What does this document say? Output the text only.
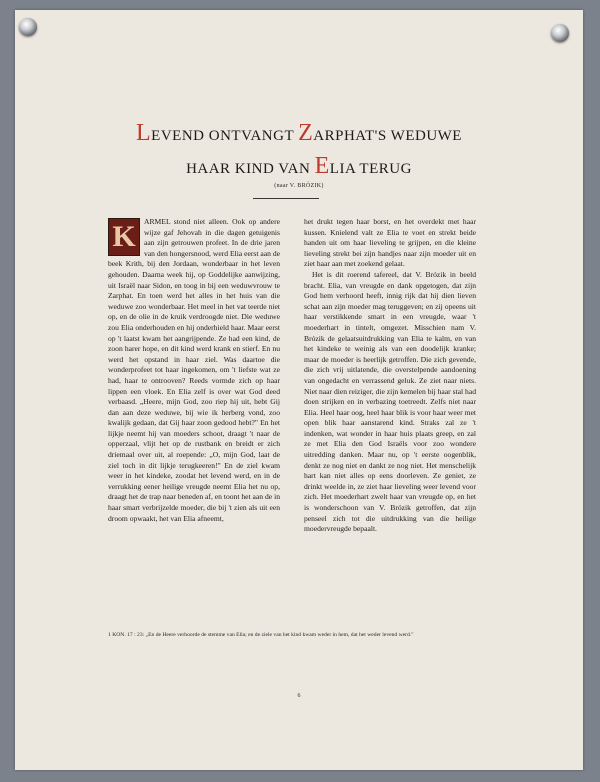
LEVEND ONTVANGT ZARPHAT'S WEDUWE
HAAR KIND VAN ELIA TERUG
(naar V. BRÓZIK)
K	ARMEL stond niet alleen. Ook op andere wijze gaf Jehovah in die dagen getuigenis aan zijn getrouwen profeet. In de drie jaren van den hongersnood, werd Elia eerst aan de beek Krith, bij den Jordaan, wonderbaar in het leven gehouden. Daarna week hij, op Goddelijke aanwijzing, uit Israël naar Sidon, en toog in bij een weduwvrouw te Zarphat. En toen werd het alles in het huis van die weduwe zoo wonderbaar. Het meel in het vat teerde niet op, en de olie in de kruik verdroogde niet. Die weduwe zou Elia onderhouden en hij onderhield haar. Maar eerst op 't laatst kwam het aangrijpende. Ze had een kind, de zoon harer hope, en dit kind werd krank en stierf. En nu werd het opstand in haar ziel. Was daartoe die wonderprofeet tot haar ingekomen, om 't liefste wat ze had, haar te ontrooven? Reeds vormde zich op haar lippen een vloek. En Elia zelf is over wat God deed verbaasd. „Heere, mijn God, zoo riep hij uit, hebt Gij dan aan deze weduwe, bij wie ik herberg vond, zoo kwalijk gedaan, dat Gij haar zoon gedood hebt?" En het lijkje neemt hij van moeders schoot, draagt 't naar de opperzaal, vlijt het op de rustbank en breidt er zich driemaal over uit, al roepende: „O, mijn God, laat de ziel toch in dit lijkje terugkeeren!" En de ziel kwam weer in het kindeke, zoodat het levend werd, en in de verrukking eener heilige vreugde neemt Elia het nu op, draagt het de trap naar beneden af, en toont het aan de in haar smart verbrijzelde moeder, die bij 't zien als uit een droom opwaakt, het van Elia afneemt,

het drukt tegen haar borst, en het overdekt met haar kussen. Knielend valt ze Elia te voet en strekt beide handen uit om haar lieveling te grijpen, en die kleine lieveling strekt bei zijn handjes naar zijn moeder uit en ziet haar aan met zoekend gelaat.

Het is dit roerend tafereel, dat V. Brózik in beeld bracht. Elia, van vreugde en dank opgetogen, dat zijn God hem verhoord heeft, innig rijk dat hij dien lieven schat aan zijn moeder mag teruggeven; en zij opeens uit haar verstikkende smart in een vreugde, waar 't moederhart in tintelt, omgezet. Misschien nam V. Brózik de gelaatsuitdrukking van Elia te kalm, en van het kindeke te weinig als van een doodelijk kranke; maar de moeder is heerlijk getroffen. Die zich gevende, die zich vrij uitlatende, die overstelpende aandoening van ongedacht en verrassend geluk. Ze ziet naar niets. Niet naar dien reiziger, die zijn kemelen bij haar stal had doen strijken en in verbazing toetreedt. Zelfs niet naar Elia. Heel haar oog, heel haar blik is voor haar weer met open blik haar aanstarend kind. Straks zal ze 't indenken, wat wonder in haar huis plaats greep, en zal ze met Elia den God Israëls voor zoo wondere uitredding danken. Maar nu, op 't eerste oogenblik, denkt ze nog niet en dankt ze nog niet. Het menschelijk hart kan niet alles op eens doorleven. Ze geniet, ze drinkt weelde in, ze ziet haar lieveling weer levend voor zich. Het moederhart zwelt haar van vreugde op, en het is wonderschoon van V. Brózik getroffen, dat zijn penseel zich tot die uitdrukking van die heilige moedervreugde bepaalt.

1 KON. 17 : 23: „En de Heere verhoorde de stemme van Elia; en de ziele van het kind kwam weder in hem, dat het weder levend werd."
6
